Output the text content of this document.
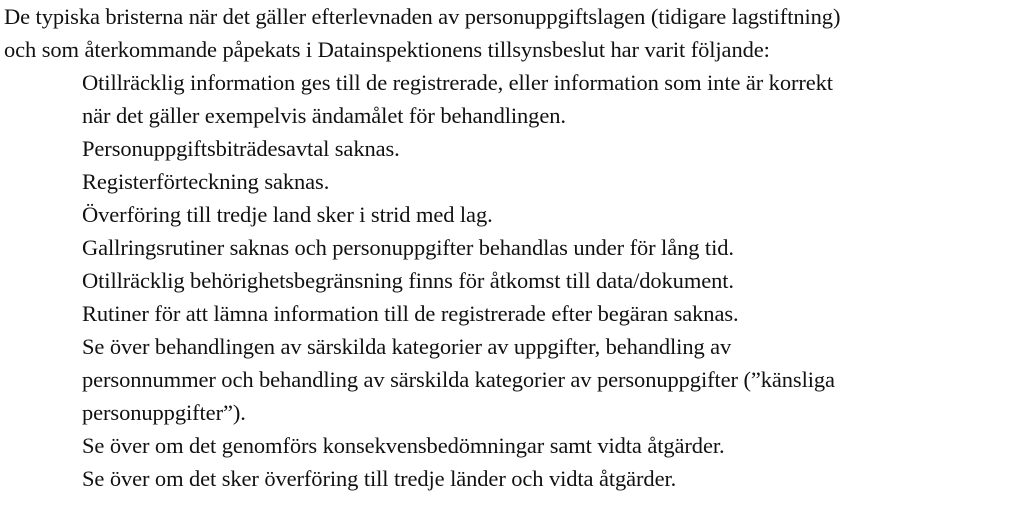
De typiska bristerna när det gäller efterlevnaden av personuppgiftslagen (tidigare lagstiftning)
och som återkommande påpekats i Datainspektionens tillsynsbeslut har varit följande:

Otillräcklig information ges till de registrerade, eller information som inte är korrekt
när det gäller exempelvis ändamålet för behandlingen.
Personuppgiftsbiträdesavtal saknas.
Registerförteckning saknas.
Överföring till tredje land sker i strid med lag.
Gallringsrutiner saknas och personuppgifter behandlas under för lång tid.
Otillräcklig behörighetsbegränsning finns för åtkomst till data/dokument.
Rutiner för att lämna information till de registrerade efter begäran saknas.
Se över behandlingen av särskilda kategorier av uppgifter, behandling av
personnummer och behandling av särskilda kategorier av personuppgifter (”känsliga
personuppgifter”).
Se över om det genomförs konsekvensbedömningar samt vidta åtgärder.
Se över om det sker överföring till tredje länder och vidta åtgärder.
